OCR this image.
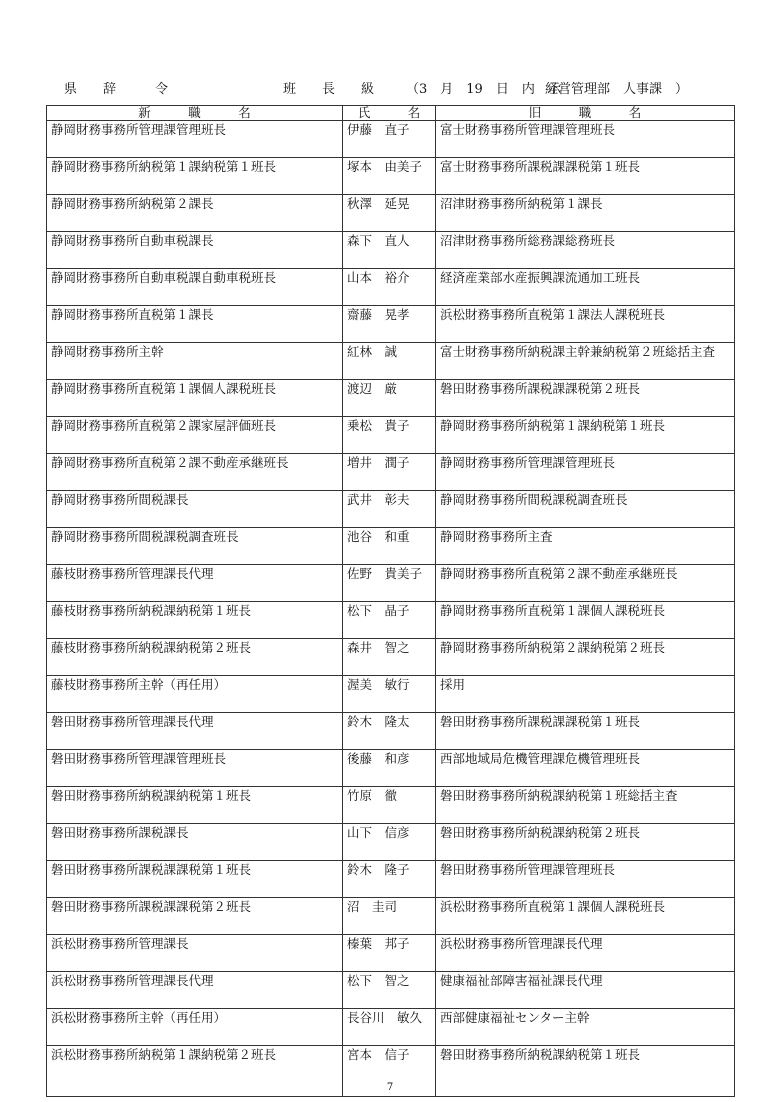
県　　辞　　　令	班　　長　　級 （3　月　19　日　内　示
経営管理部　人事課　）
新　　　職　　　名	氏　　　名	旧　　　職　　　名
静岡財務事務所管理課管理班長	伊藤　直子	富士財務事務所管理課管理班長
静岡財務事務所納税第１課納税第１班長	塚本　由美子	富士財務事務所課税課課税第１班長
静岡財務事務所納税第２課長	秋澤　延晃	沼津財務事務所納税第１課長
静岡財務事務所自動車税課長	森下　直人	沼津財務事務所総務課総務班長
静岡財務事務所自動車税課自動車税班長	山本　裕介	経済産業部水産振興課流通加工班長
静岡財務事務所直税第１課長	齋藤　晃孝	浜松財務事務所直税第１課法人課税班長
静岡財務事務所主幹	紅林　誠	富士財務事務所納税課主幹兼納税第２班総括主査
静岡財務事務所直税第１課個人課税班長	渡辺　厳	磐田財務事務所課税課課税第２班長
静岡財務事務所直税第２課家屋評価班長	乗松　貴子	静岡財務事務所納税第１課納税第１班長
静岡財務事務所直税第２課不動産承継班長	増井　潤子	静岡財務事務所管理課管理班長
静岡財務事務所間税課長	武井　彰夫	静岡財務事務所間税課税調査班長
静岡財務事務所間税課税調査班長	池谷　和重	静岡財務事務所主査
藤枝財務事務所管理課長代理	佐野　貴美子	静岡財務事務所直税第２課不動産承継班長
藤枝財務事務所納税課納税第１班長	松下　晶子	静岡財務事務所直税第１課個人課税班長
藤枝財務事務所納税課納税第２班長	森井　智之	静岡財務事務所納税第２課納税第２班長
藤枝財務事務所主幹（再任用）	渥美　敏行	採用
磐田財務事務所管理課長代理	鈴木　隆太	磐田財務事務所課税課課税第１班長
磐田財務事務所管理課管理班長	後藤　和彦	西部地域局危機管理課危機管理班長
磐田財務事務所納税課納税第１班長	竹原　徹	磐田財務事務所納税課納税第１班総括主査
磐田財務事務所課税課長	山下　信彦	磐田財務事務所納税課納税第２班長
磐田財務事務所課税課課税第１班長	鈴木　隆子	磐田財務事務所管理課管理班長
磐田財務事務所課税課課税第２班長	沼　圭司	浜松財務事務所直税第１課個人課税班長
浜松財務事務所管理課長	榛葉　邦子	浜松財務事務所管理課長代理
浜松財務事務所管理課長代理	松下　智之	健康福祉部障害福祉課長代理
浜松財務事務所主幹（再任用）	長谷川　敏久	西部健康福祉センター主幹
浜松財務事務所納税第１課納税第２班長	宮本　信子	磐田財務事務所納税課納税第１班長
7
